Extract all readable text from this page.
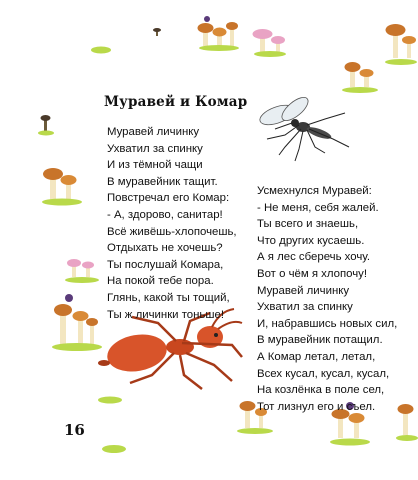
Муравей и Комар
Муравей личинку
Ухватил за спинку
И из тёмной чащи
В муравейник тащит.
Повстречал его Комар:
- А, здорово, санитар!
Всё живёшь-хлопочешь,
Отдыхать не хочешь?
Ты послушай Комара,
На покой тебе пора.
Глянь, какой ты тощий,
Ты ж личинки тоньше!
Усмехнулся Муравей:
- Не меня, себя жалей.
Ты всего и знаешь,
Что других кусаешь.
А я лес сберечь хочу.
Вот о чём я хлопочу!
Муравей личинку
Ухватил за спинку
И, набравшись новых сил,
В муравейник потащил.
А Комар летал, летал,
Всех кусал, кусал, кусал,
На козлёнка в поле сел,
Тот лизнул его и съел.
16
